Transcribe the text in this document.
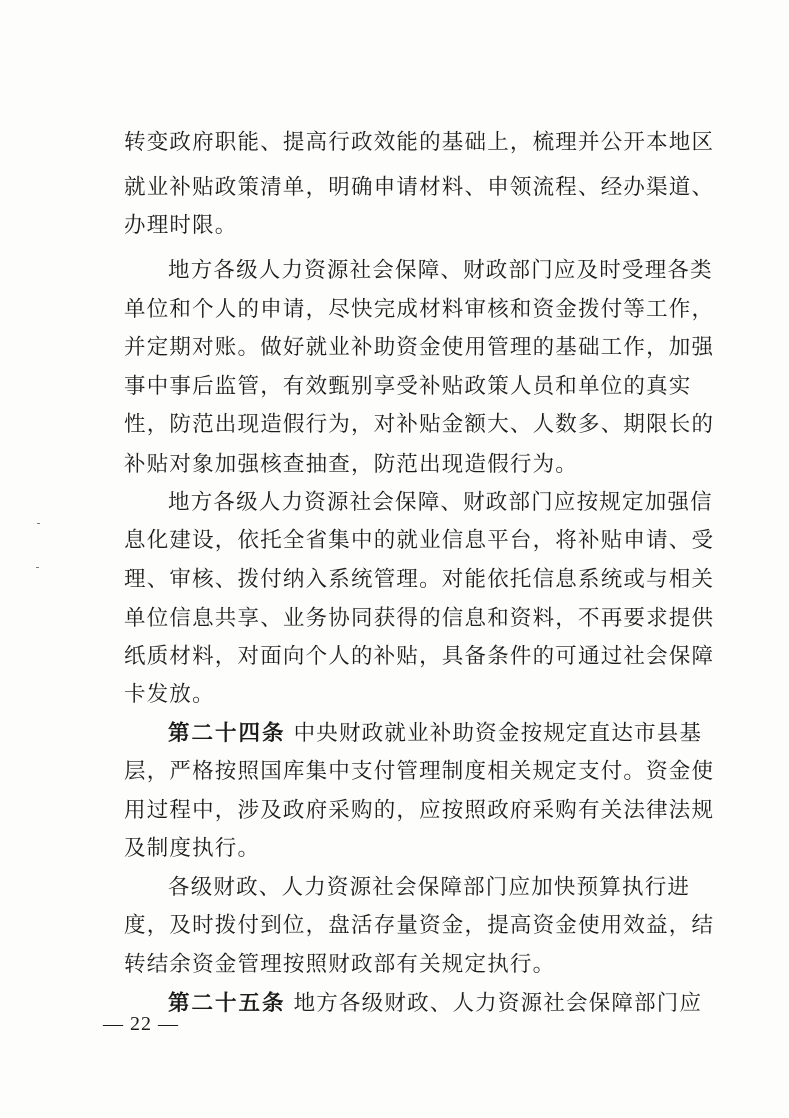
转变政府职能、提高行政效能的基础上，梳理并公开本地区
就业补贴政策清单，明确申请材料、申领流程、经办渠道、
办理时限。
地方各级人力资源社会保障、财政部门应及时受理各类
单位和个人的申请，尽快完成材料审核和资金拨付等工作，
并定期对账。做好就业补助资金使用管理的基础工作，加强
事中事后监管，有效甄别享受补贴政策人员和单位的真实
性，防范出现造假行为，对补贴金额大、人数多、期限长的
补贴对象加强核查抽查，防范出现造假行为。
地方各级人力资源社会保障、财政部门应按规定加强信
息化建设，依托全省集中的就业信息平台，将补贴申请、受
理、审核、拨付纳入系统管理。对能依托信息系统或与相关
单位信息共享、业务协同获得的信息和资料，不再要求提供
纸质材料，对面向个人的补贴，具备条件的可通过社会保障
卡发放。
第二十四条 中央财政就业补助资金按规定直达市县基
层，严格按照国库集中支付管理制度相关规定支付。资金使
用过程中，涉及政府采购的，应按照政府采购有关法律法规
及制度执行。
各级财政、人力资源社会保障部门应加快预算执行进
度，及时拨付到位，盘活存量资金，提高资金使用效益，结
转结余资金管理按照财政部有关规定执行。
第二十五条 地方各级财政、人力资源社会保障部门应
— 22 —
